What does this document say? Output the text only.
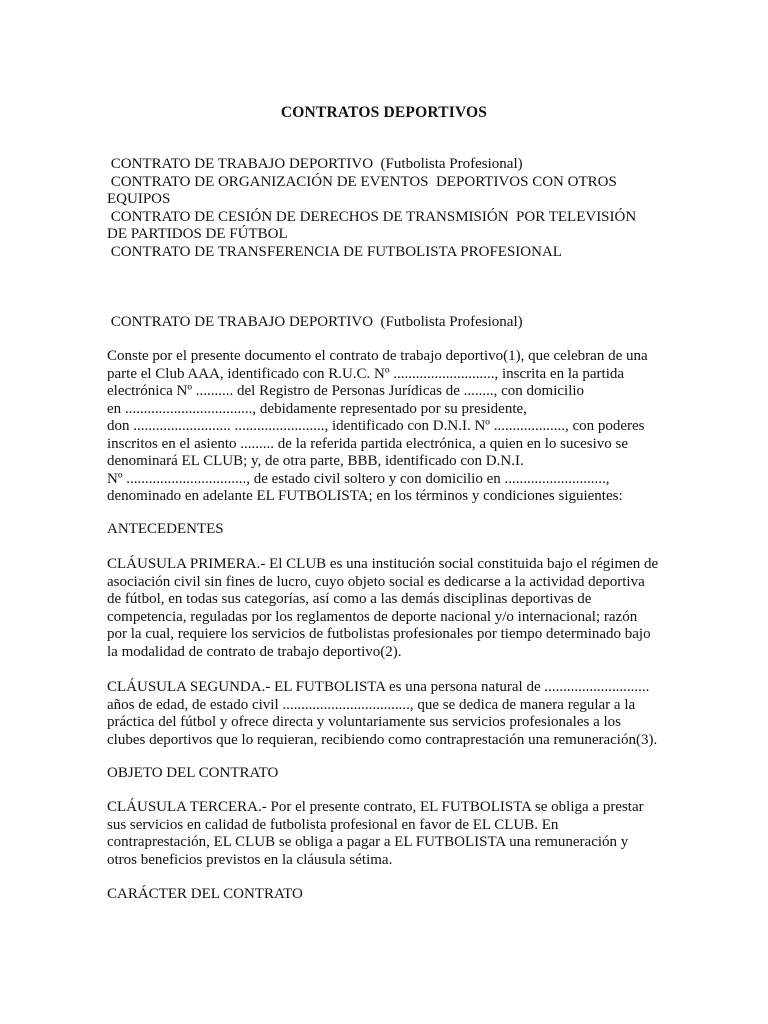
CONTRATOS DEPORTIVOS
CONTRATO DE TRABAJO DEPORTIVO  (Futbolista Profesional)
CONTRATO DE ORGANIZACIÓN DE EVENTOS  DEPORTIVOS CON OTROS
EQUIPOS
CONTRATO DE CESIÓN DE DERECHOS DE TRANSMISIÓN  POR TELEVISIÓN
DE PARTIDOS DE FÚTBOL
CONTRATO DE TRANSFERENCIA DE FUTBOLISTA PROFESIONAL
CONTRATO DE TRABAJO DEPORTIVO  (Futbolista Profesional)
Conste por el presente documento el contrato de trabajo deportivo(1), que celebran de una
parte el Club AAA, identificado con R.U.C. Nº ..........................., inscrita en la partida
electrónica Nº .......... del Registro de Personas Jurídicas de ........, con domicilio
en .................................., debidamente representado por su presidente,
don .......................... ........................, identificado con D.N.I. Nº ..................., con poderes
inscritos en el asiento ......... de la referida partida electrónica, a quien en lo sucesivo se
denominará EL CLUB; y, de otra parte, BBB, identificado con D.N.I.
Nº ................................, de estado civil soltero y con domicilio en ...........................,
denominado en adelante EL FUTBOLISTA; en los términos y condiciones siguientes:
ANTECEDENTES
CLÁUSULA PRIMERA.- El CLUB es una institución social constituida bajo el régimen de
asociación civil sin fines de lucro, cuyo objeto social es dedicarse a la actividad deportiva
de fútbol, en todas sus categorías, así como a las demás disciplinas deportivas de
competencia, reguladas por los reglamentos de deporte nacional y/o internacional; razón
por la cual, requiere los servicios de futbolistas profesionales por tiempo determinado bajo
la modalidad de contrato de trabajo deportivo(2).
CLÁUSULA SEGUNDA.- EL FUTBOLISTA es una persona natural de ............................
años de edad, de estado civil .................................., que se dedica de manera regular a la
práctica del fútbol y ofrece directa y voluntariamente sus servicios profesionales a los
clubes deportivos que lo requieran, recibiendo como contraprestación una remuneración(3).
OBJETO DEL CONTRATO
CLÁUSULA TERCERA.- Por el presente contrato, EL FUTBOLISTA se obliga a prestar
sus servicios en calidad de futbolista profesional en favor de EL CLUB. En
contraprestación, EL CLUB se obliga a pagar a EL FUTBOLISTA una remuneración y
otros beneficios previstos en la cláusula sétima.
CARÁCTER DEL CONTRATO
